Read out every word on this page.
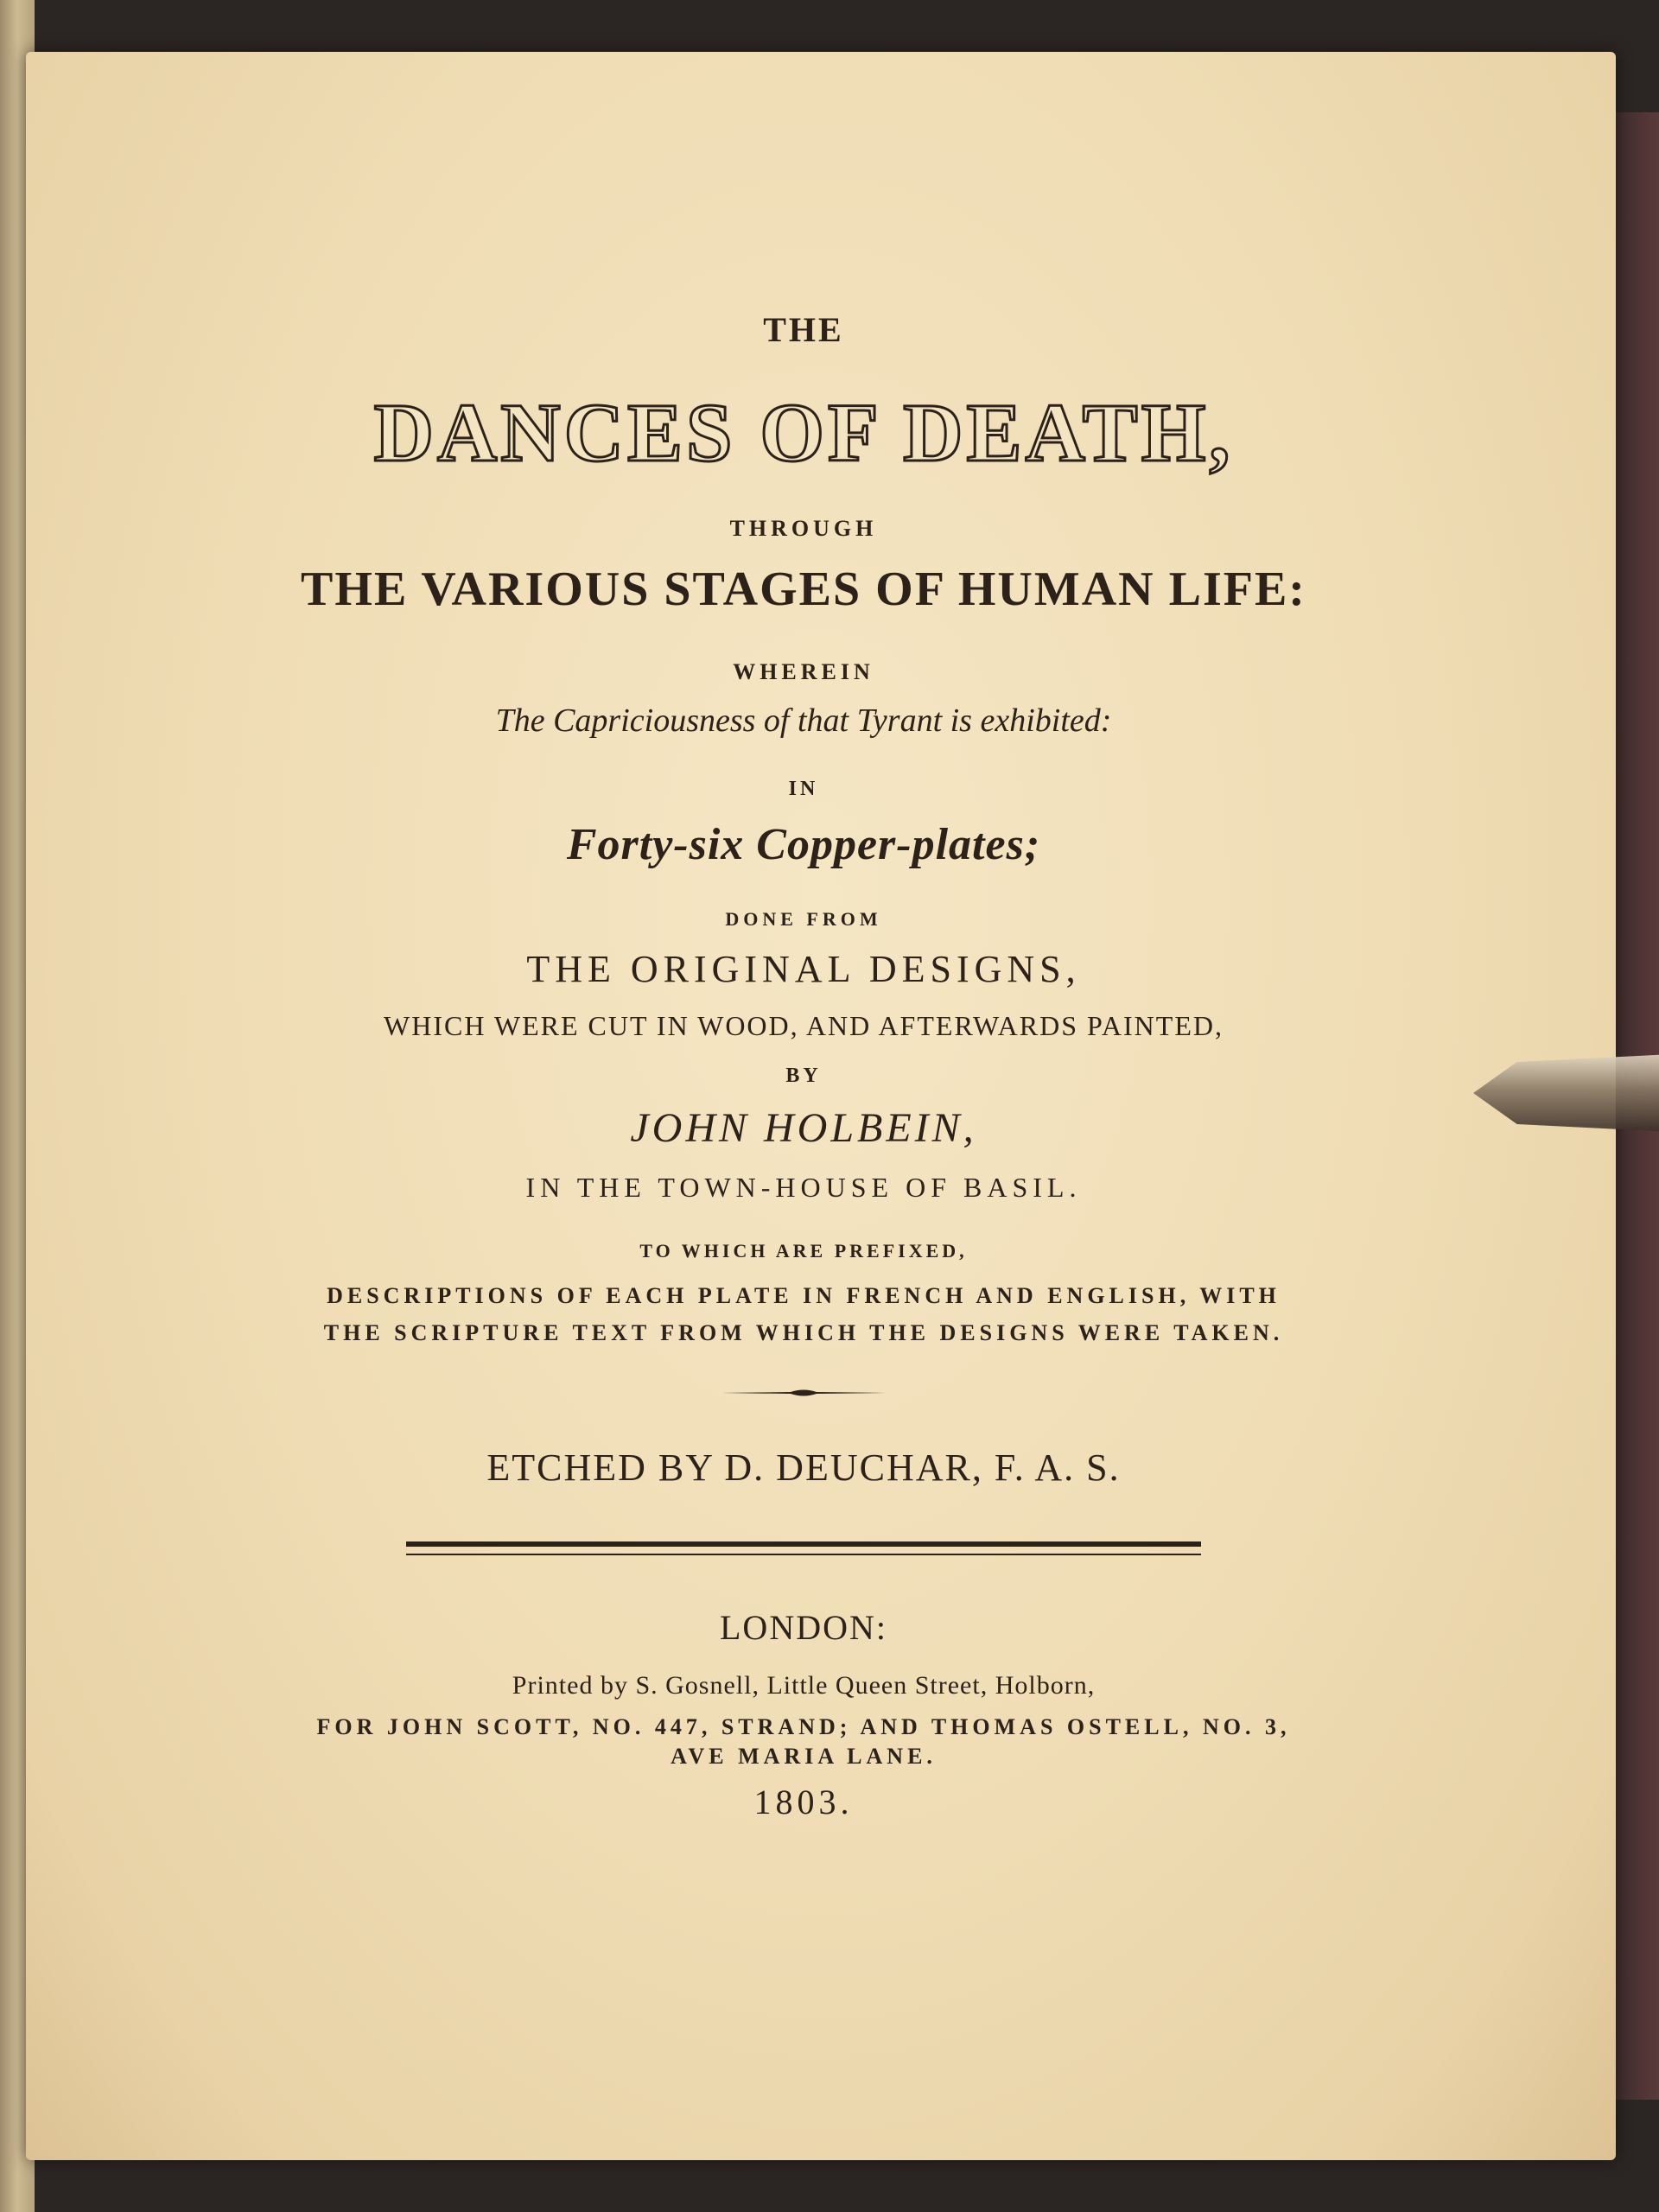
THE

DANCES OF DEATH,

THROUGH

THE VARIOUS STAGES OF HUMAN LIFE:

WHEREIN

The Capriciousness of that Tyrant is exhibited:

IN

Forty-six Copper-plates;

DONE FROM

THE ORIGINAL DESIGNS,

WHICH WERE CUT IN WOOD, AND AFTERWARDS PAINTED,

BY

JOHN HOLBEIN,

IN THE TOWN-HOUSE OF BASIL.

TO WHICH ARE PREFIXED,

DESCRIPTIONS OF EACH PLATE IN FRENCH AND ENGLISH, WITH

THE SCRIPTURE TEXT FROM WHICH THE DESIGNS WERE TAKEN.

ETCHED BY D. DEUCHAR, F. A. S.

LONDON:

Printed by S. Gosnell, Little Queen Street, Holborn,

FOR JOHN SCOTT, NO. 447, STRAND; AND THOMAS OSTELL, NO. 3,

AVE MARIA LANE.

1803.
